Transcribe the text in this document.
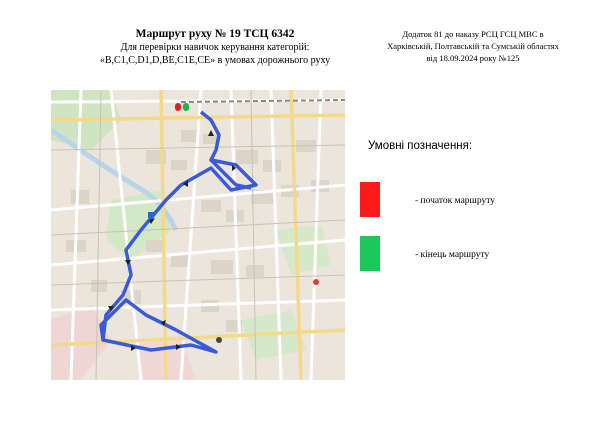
Маршрут руху № 19 ТСЦ 6342
Для перевірки навичок керування категорій:
«B,C1,C,D1,D,BE,C1E,CE» в умовах дорожнього руху
Додаток 81 до наказу РСЦ ГСЦ МВС в
Харківській, Полтавській та Сумській областях
від 18.09.2024 року №125
Умовні позначення:
- початок маршруту
- кінець маршруту
